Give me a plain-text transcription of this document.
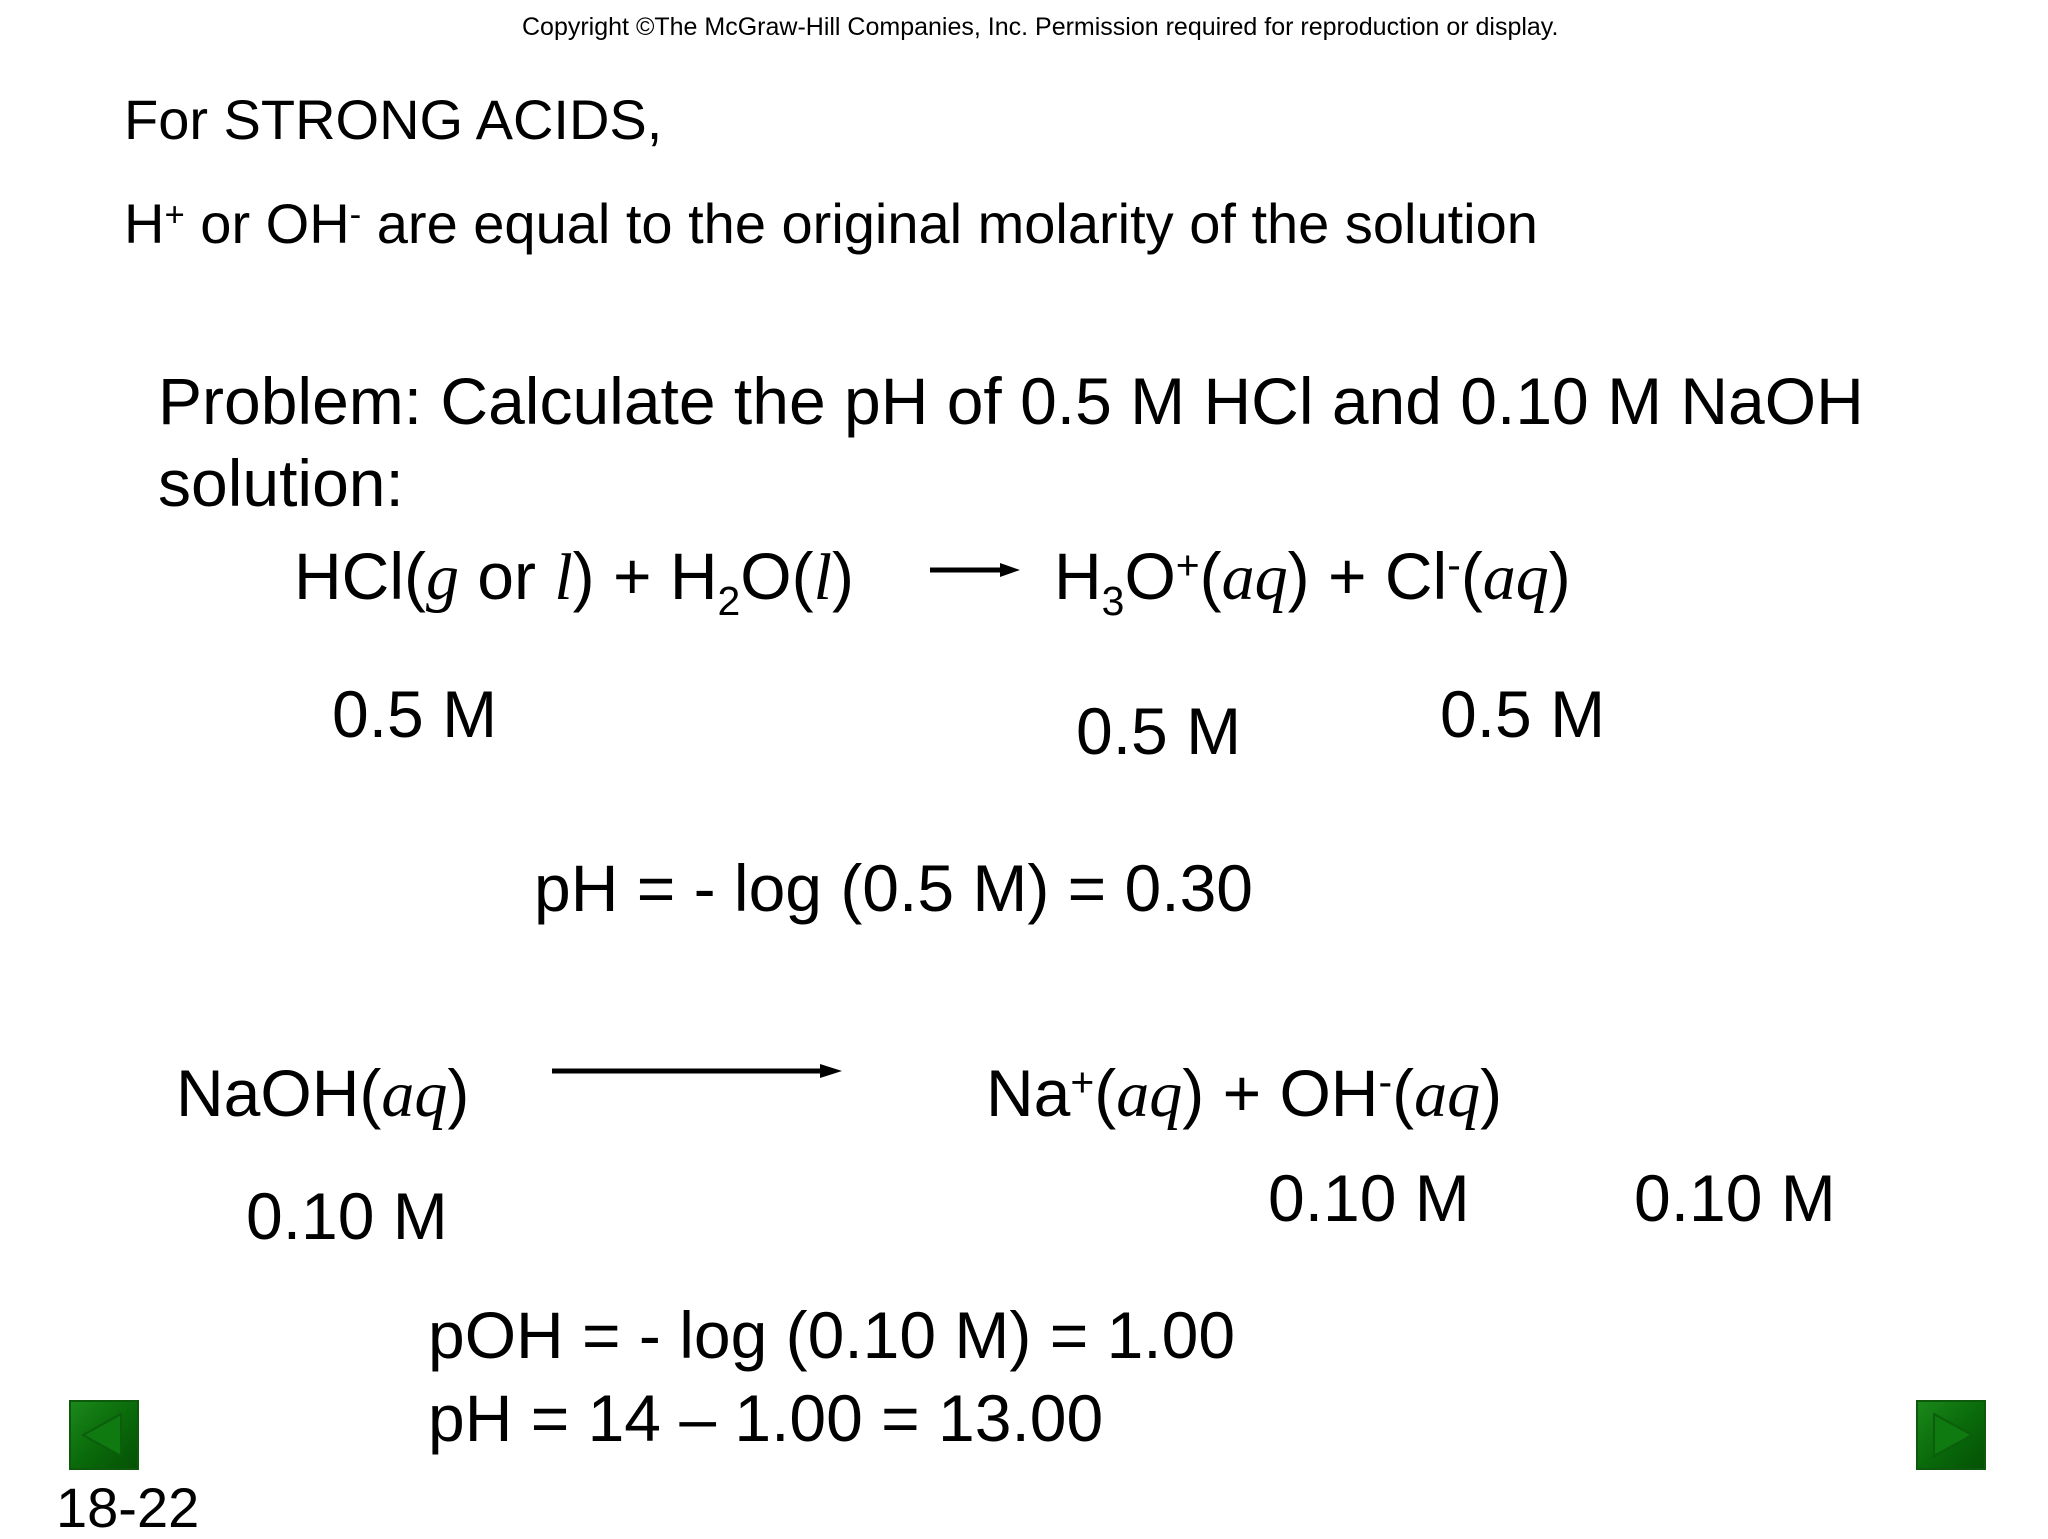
Copyright ©The McGraw-Hill Companies, Inc. Permission required for reproduction or display.
For STRONG ACIDS,
H+ or OH- are equal to the original molarity of the solution
Problem: Calculate the pH of 0.5 M HCl and 0.10 M NaOH
solution:
HCl(g or $l) + H_2O(l)$	$H_3O^+(aq) + Cl^-(aq)$
0.5 M	0.5 M	0.5 M
pH = - log (0.5 M) = 0.30
NaOH(aq)	Na+(aq) + OH-(aq)
0.10 M	0.10 M 0.10 M
pOH = - log (0.10 M) = 1.00
pH = 14 – 1.00 = 13.00
18-22
